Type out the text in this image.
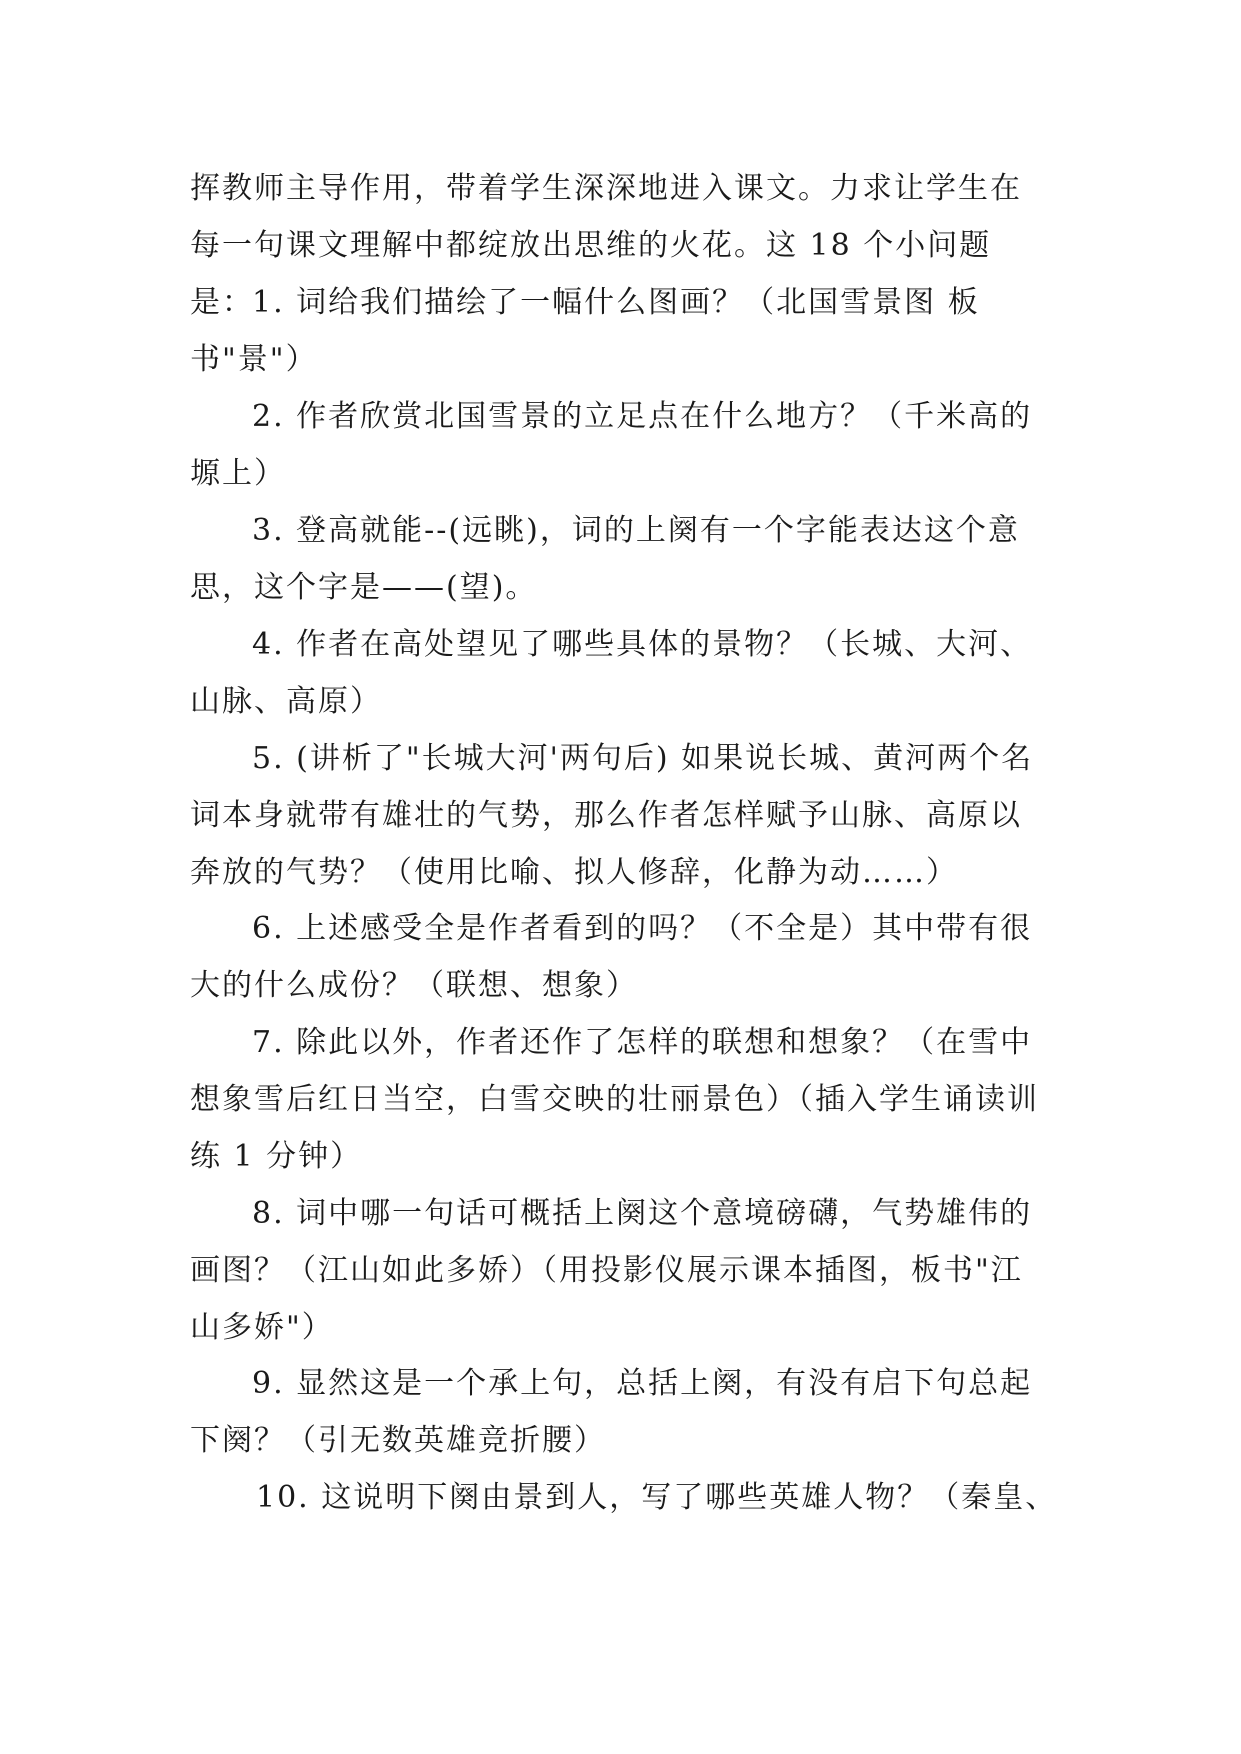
挥教师主导作用，带着学生深深地进入课文。力求让学生在每一句课文理解中都绽放出思维的火花。这 18 个小问题是：

1. 词给我们描绘了一幅什么图画？（北国雪景图 板书"景"）

2. 作者欣赏北国雪景的立足点在什么地方？（千米高的塬上）

3. 登高就能--(远眺)，词的上阕有一个字能表达这个意思，这个字是——(望)。

4. 作者在高处望见了哪些具体的景物？（长城、大河、山脉、高原）

5. (讲析了"长城大河'两句后) 如果说长城、黄河两个名词本身就带有雄壮的气势，那么作者怎样赋予山脉、高原以奔放的气势？（使用比喻、拟人修辞，化静为动……）

6. 上述感受全是作者看到的吗？（不全是）其中带有很大的什么成份？（联想、想象）

7. 除此以外，作者还作了怎样的联想和想象？（在雪中想象雪后红日当空，白雪交映的壮丽景色）（插入学生诵读训练 1 分钟）

8. 词中哪一句话可概括上阕这个意境磅礴，气势雄伟的画图？（江山如此多娇）（用投影仪展示课本插图，板书"江山多娇"）

9. 显然这是一个承上句，总括上阕，有没有启下句总起下阕？（引无数英雄竞折腰）

10. 这说明下阕由景到人，写了哪些英雄人物？（秦皇、
